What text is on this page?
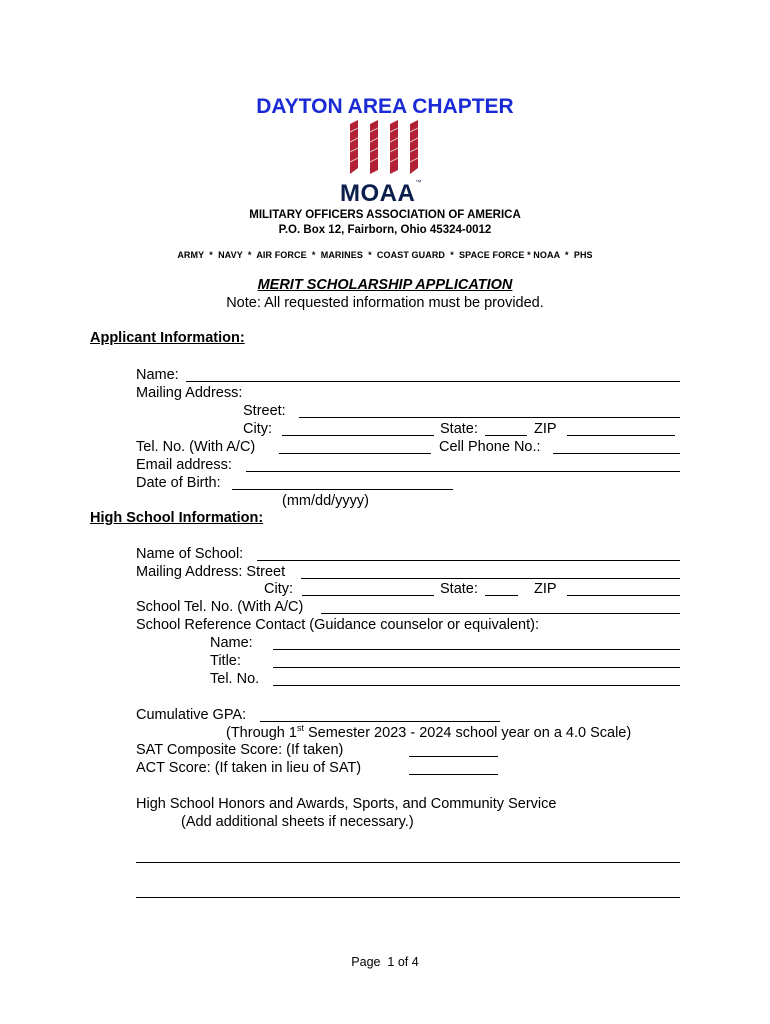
DAYTON AREA CHAPTER
MOAA™
MILITARY OFFICERS ASSOCIATION OF AMERICA
P.O. Box 12, Fairborn, Ohio 45324-0012
ARMY  *  NAVY  *  AIR FORCE  *  MARINES  *  COAST GUARD  *  SPACE FORCE * NOAA  *  PHS
MERIT SCHOLARSHIP APPLICATION
Note: All requested information must be provided.
Applicant Information:
Name:
Mailing Address:
Street:
City:	State:	ZIP
Tel. No. (With A/C)	Cell Phone No.:
Email address:
Date of Birth:
(mm/dd/yyyy)
High School Information:
Name of School:
Mailing Address: Street
City:	State:	ZIP
School Tel. No. (With A/C)
School Reference Contact (Guidance counselor or equivalent):
Name:
Title:
Tel. No.
Cumulative GPA:
(Through 1st Semester 2023 - 2024 school year on a 4.0 Scale)
SAT Composite Score: (If taken)
ACT Score: (If taken in lieu of SAT)
High School Honors and Awards, Sports, and Community Service
(Add additional sheets if necessary.)
Page  1 of 4
